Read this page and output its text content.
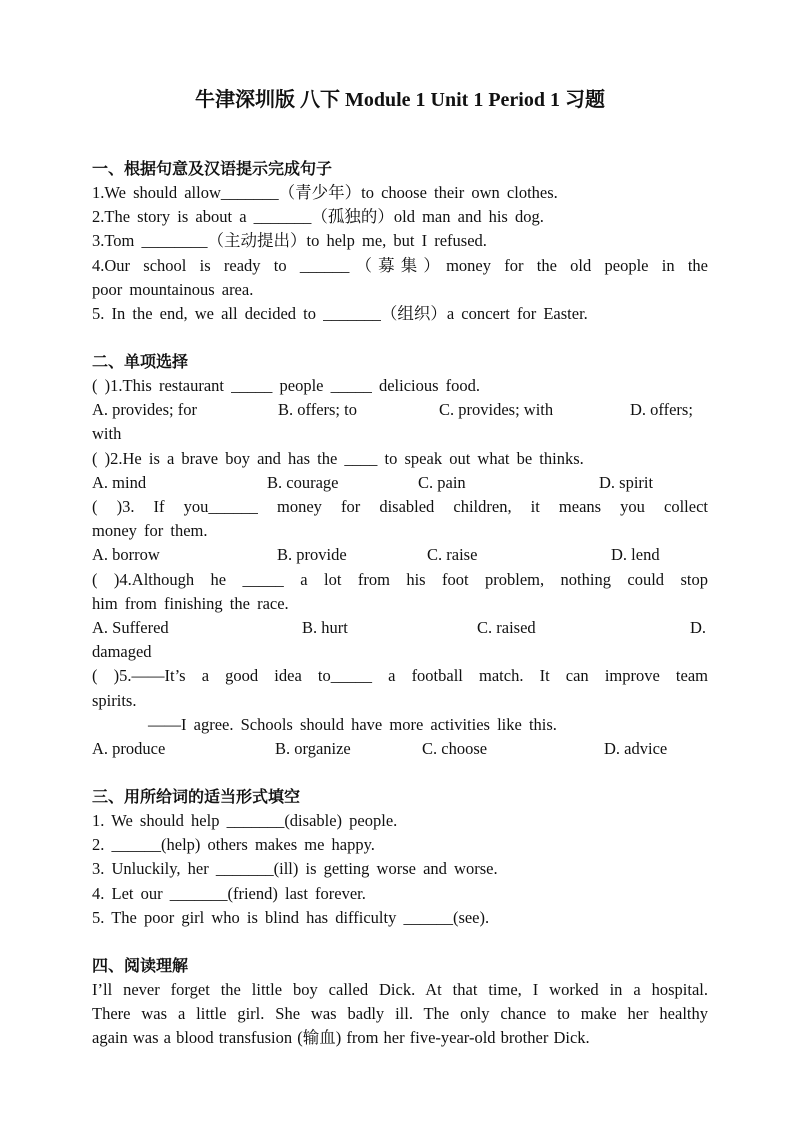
牛津深圳版 八下 Module 1 Unit 1 Period 1 习题
一、根据句意及汉语提示完成句子
1.We should allow_______（青少年）to choose their own clothes.
2.The story is about a _______（孤独的）old man and his dog.
3.Tom ________（主动提出）to help me, but I refused.
4.Our school is ready to ______（募集）money for the old people in the
poor mountainous area.
5. In the end, we all decided to _______（组织）a concert for Easter.
二、单项选择
( )1.This restaurant _____ people _____ delicious food.
A. provides; for	B. offers; to	C. provides; with	D. offers;
with
( )2.He is a brave boy and has the ____ to speak out what be thinks.
A. mind	B. courage	C. pain	D. spirit
( )3. If you______ money for disabled children, it means you collect
money for them.
A. borrow	B. provide	C. raise	D. lend
( )4.Although he _____ a lot from his foot problem, nothing could stop
him from finishing the race.
A. Suffered	B. hurt	C. raised	D.
damaged
( )5.——It’s a good idea to_____ a football match. It can improve team
spirits.
——I agree. Schools should have more activities like this.
A. produce	B. organize	C. choose	D. advice
三、用所给词的适当形式填空
1. We should help _______(disable) people.
2. ______(help) others makes me happy.
3. Unluckily, her _______(ill) is getting worse and worse.
4. Let our _______(friend) last forever.
5. The poor girl who is blind has difficulty ______(see).
四、阅读理解
I’ll never forget the little boy called Dick. At that time, I worked in a hospital.
There was a little girl. She was badly ill. The only chance to make her healthy
again was a blood transfusion (输血) from her five-year-old brother Dick.
